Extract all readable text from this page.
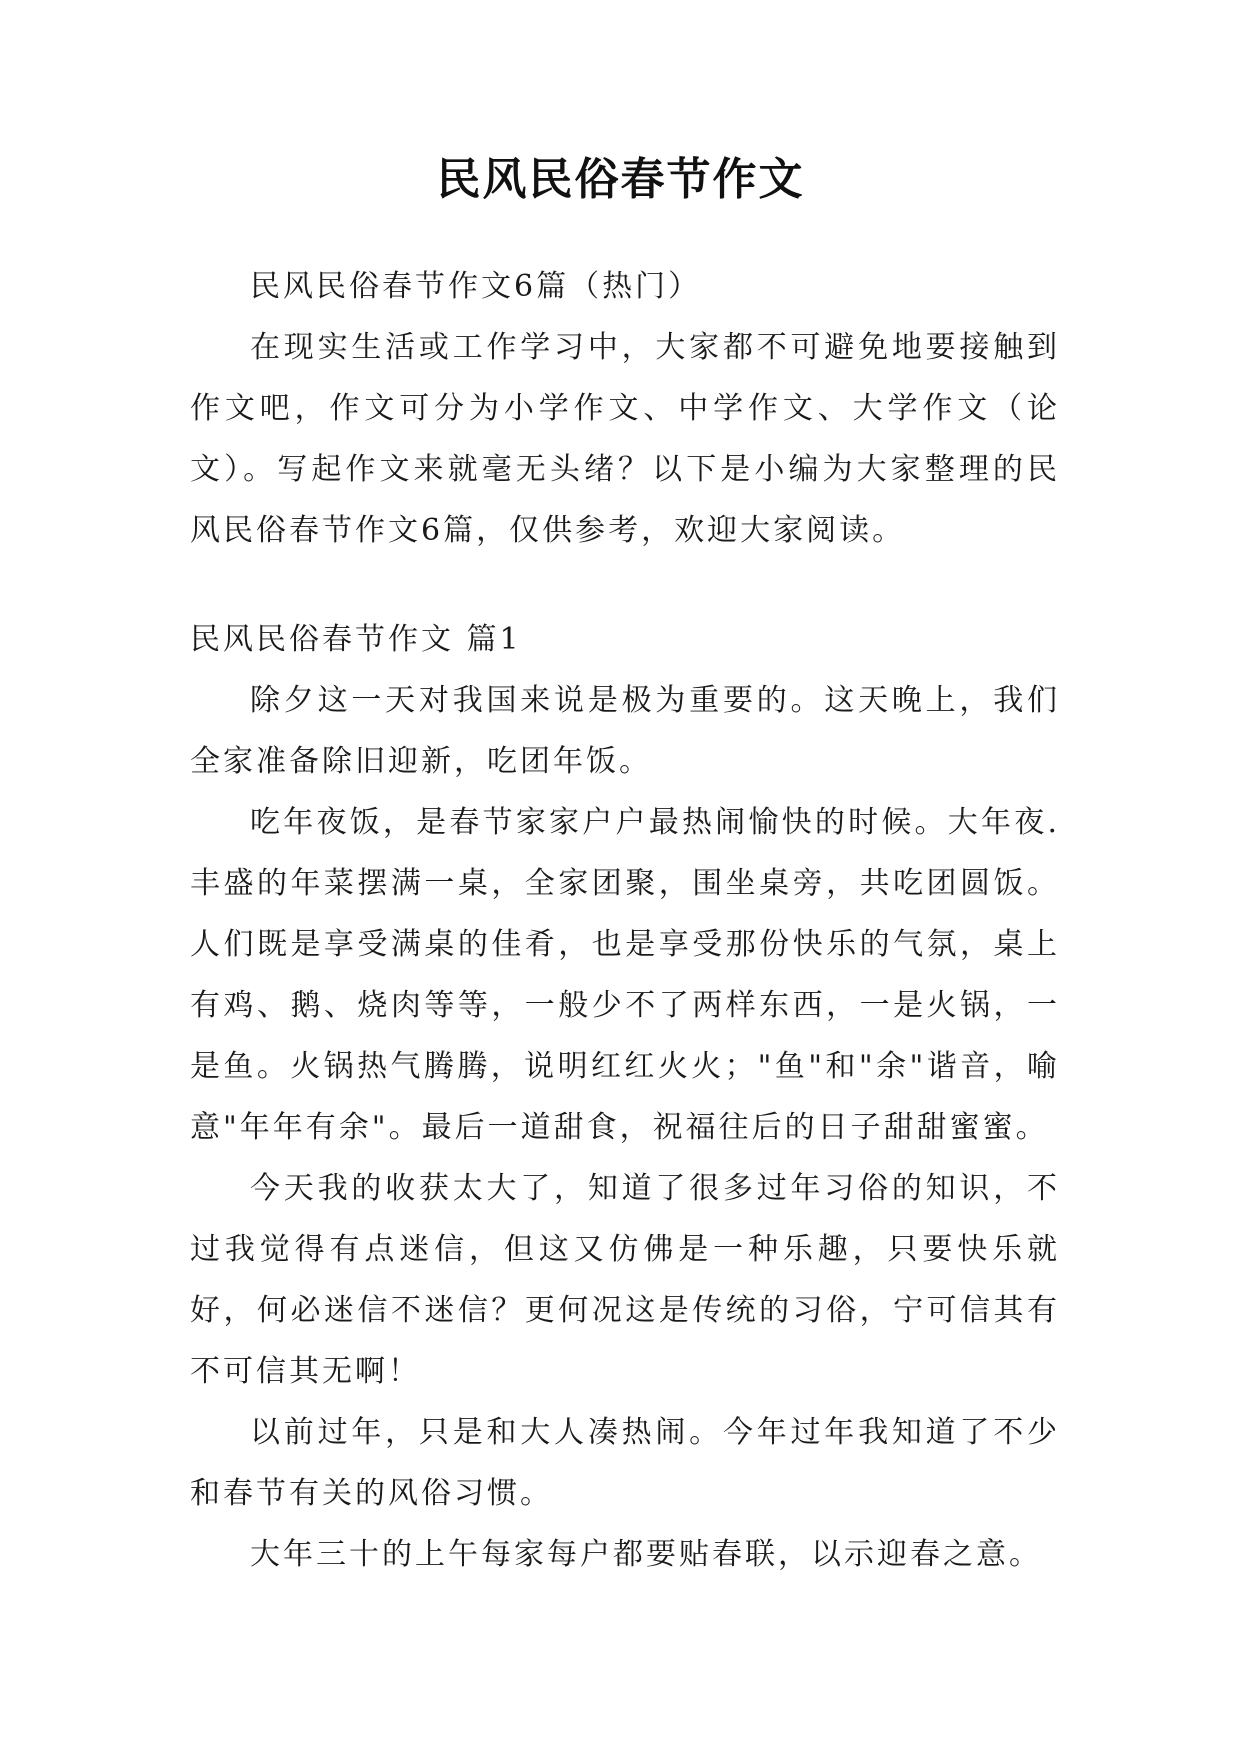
民风民俗春节作文

民风民俗春节作文6篇（热门）

在现实生活或工作学习中，大家都不可避免地要接触到作文吧，作文可分为小学作文、中学作文、大学作文（论文）。写起作文来就毫无头绪？以下是小编为大家整理的民风民俗春节作文6篇，仅供参考，欢迎大家阅读。

民风民俗春节作文 篇1

除夕这一天对我国来说是极为重要的。这天晚上，我们全家准备除旧迎新，吃团年饭。

吃年夜饭，是春节家家户户最热闹愉快的时候。大年夜.丰盛的年菜摆满一桌，全家团聚，围坐桌旁，共吃团圆饭。人们既是享受满桌的佳肴，也是享受那份快乐的气氛，桌上有鸡、鹅、烧肉等等，一般少不了两样东西，一是火锅，一是鱼。火锅热气腾腾，说明红红火火；"鱼"和"余"谐音，喻意"年年有余"。最后一道甜食，祝福往后的日子甜甜蜜蜜。

今天我的收获太大了，知道了很多过年习俗的知识，不过我觉得有点迷信，但这又仿佛是一种乐趣，只要快乐就好，何必迷信不迷信？更何况这是传统的习俗，宁可信其有不可信其无啊！

以前过年，只是和大人凑热闹。今年过年我知道了不少和春节有关的风俗习惯。

大年三十的上午每家每户都要贴春联，以示迎春之意。
